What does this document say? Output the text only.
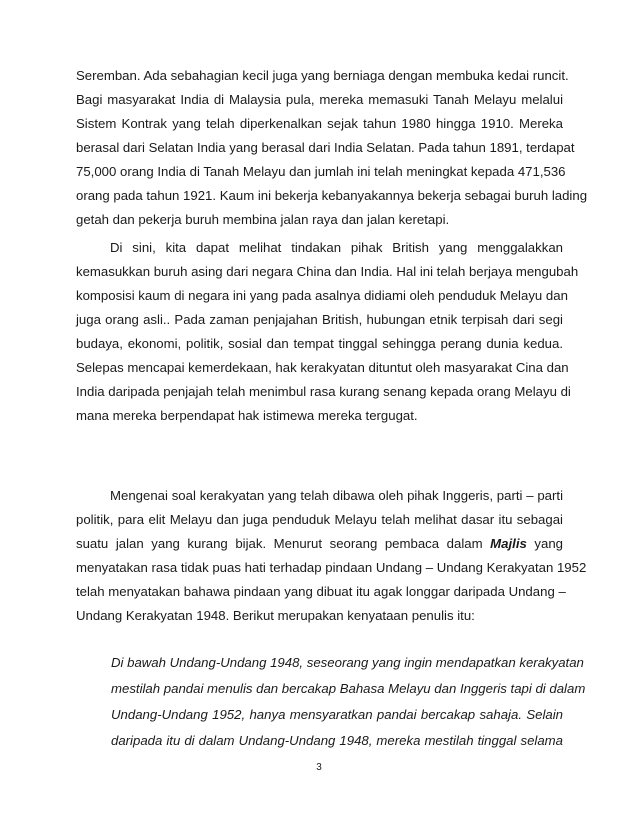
Seremban. Ada sebahagian kecil juga yang berniaga dengan membuka kedai runcit.
Bagi masyarakat India di Malaysia pula, mereka memasuki Tanah Melayu melalui
Sistem Kontrak yang telah diperkenalkan sejak tahun 1980 hingga 1910. Mereka
berasal dari Selatan India yang berasal dari India Selatan. Pada tahun 1891, terdapat
75,000 orang India di Tanah Melayu dan jumlah ini telah meningkat kepada 471,536
orang pada tahun 1921. Kaum ini bekerja kebanyakannya bekerja sebagai buruh lading
getah dan pekerja buruh membina jalan raya dan jalan keretapi.
Di sini, kita dapat melihat tindakan pihak British yang menggalakkan
kemasukkan buruh asing dari negara China dan India. Hal ini telah berjaya mengubah
komposisi kaum di negara ini yang pada asalnya didiami oleh penduduk Melayu dan
juga orang asli.. Pada zaman penjajahan British, hubungan etnik terpisah dari segi
budaya, ekonomi, politik, sosial dan tempat tinggal sehingga perang dunia kedua.
Selepas mencapai kemerdekaan, hak kerakyatan dituntut oleh masyarakat Cina dan
India daripada penjajah telah menimbul rasa kurang senang kepada orang Melayu di
mana mereka berpendapat hak istimewa mereka tergugat.
Mengenai soal kerakyatan yang telah dibawa oleh pihak Inggeris, parti – parti
politik, para elit Melayu dan juga penduduk Melayu telah melihat dasar itu sebagai
suatu jalan yang kurang bijak. Menurut seorang pembaca dalam Majlis yang
menyatakan rasa tidak puas hati terhadap pindaan Undang – Undang Kerakyatan 1952
telah menyatakan bahawa pindaan yang dibuat itu agak longgar daripada Undang –
Undang Kerakyatan 1948. Berikut merupakan kenyataan penulis itu:
Di bawah Undang-Undang 1948, seseorang yang ingin mendapatkan kerakyatan
mestilah pandai menulis dan bercakap Bahasa Melayu dan Inggeris tapi di dalam
Undang-Undang 1952, hanya mensyaratkan pandai bercakap sahaja. Selain
daripada itu di dalam Undang-Undang 1948, mereka mestilah tinggal selama
3
